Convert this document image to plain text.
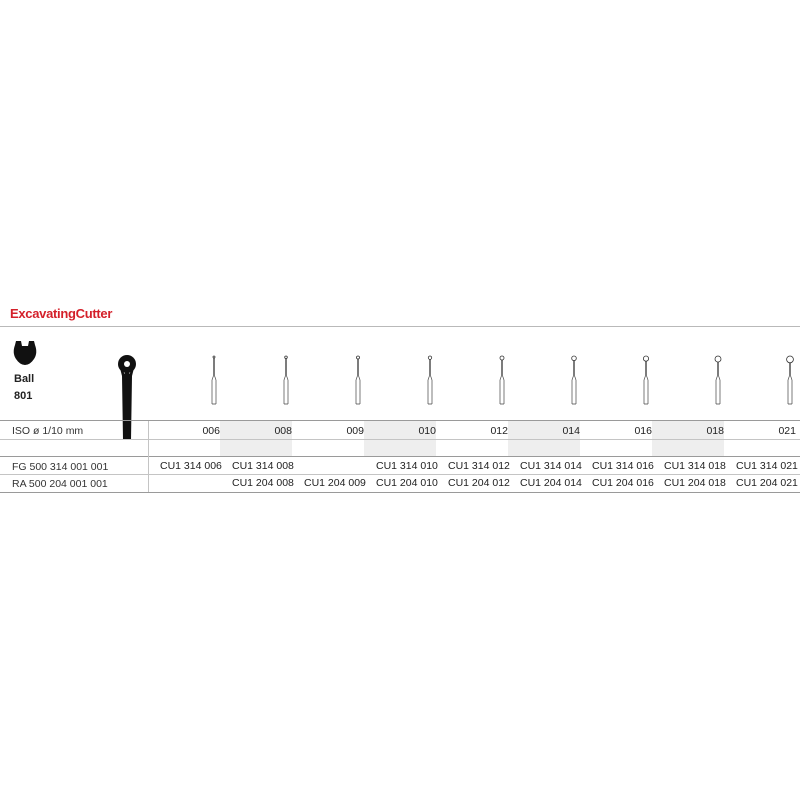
ExcavatingCutter
Ball
801
ISO ø 1/10 mm
FG 500 314 001 001
RA 500 204 001 001
006
CU1 314 006
008
CU1 314 008
CU1 204 008
009
CU1 204 009
010
CU1 314 010
CU1 204 010
012
CU1 314 012
CU1 204 012
014
CU1 314 014
CU1 204 014
016
CU1 314 016
CU1 204 016
018
CU1 314 018
CU1 204 018
021
CU1 314 021
CU1 204 021
